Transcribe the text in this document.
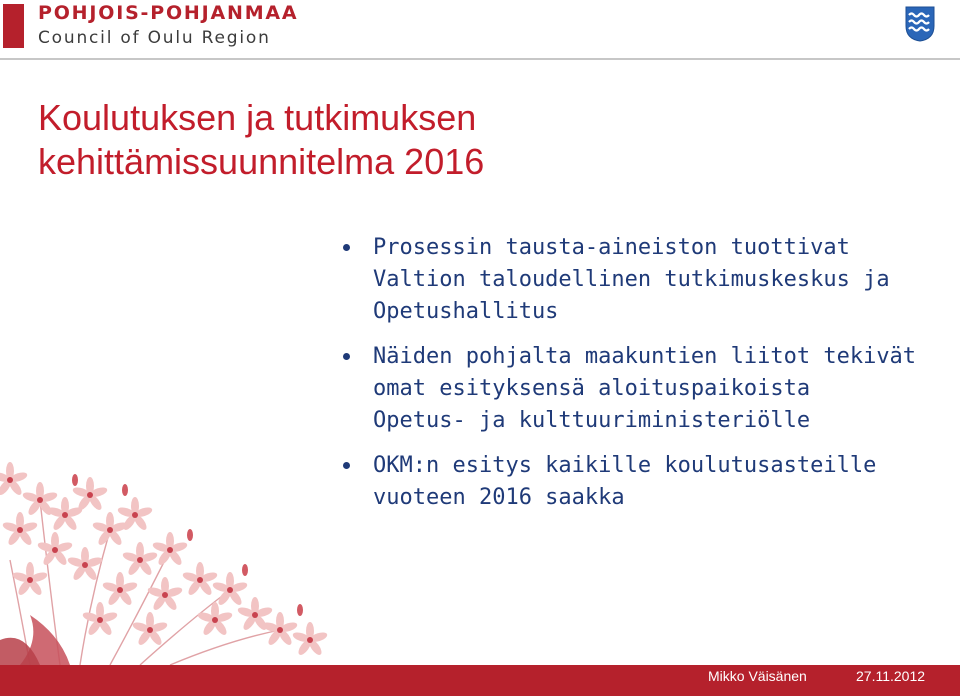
POHJOIS-POHJANMAA
Council of Oulu Region
Koulutuksen ja tutkimuksen
kehittämissuunnitelma 2016
Prosessin tausta-aineiston tuottivat
Valtion taloudellinen tutkimuskeskus ja
Opetushallitus
Näiden pohjalta maakuntien liitot tekivät
omat esityksensä aloituspaikoista
Opetus- ja kulttuuriministeriölle
OKM:n esitys kaikille koulutusasteille
vuoteen 2016 saakka
Mikko Väisänen	27.11.2012
